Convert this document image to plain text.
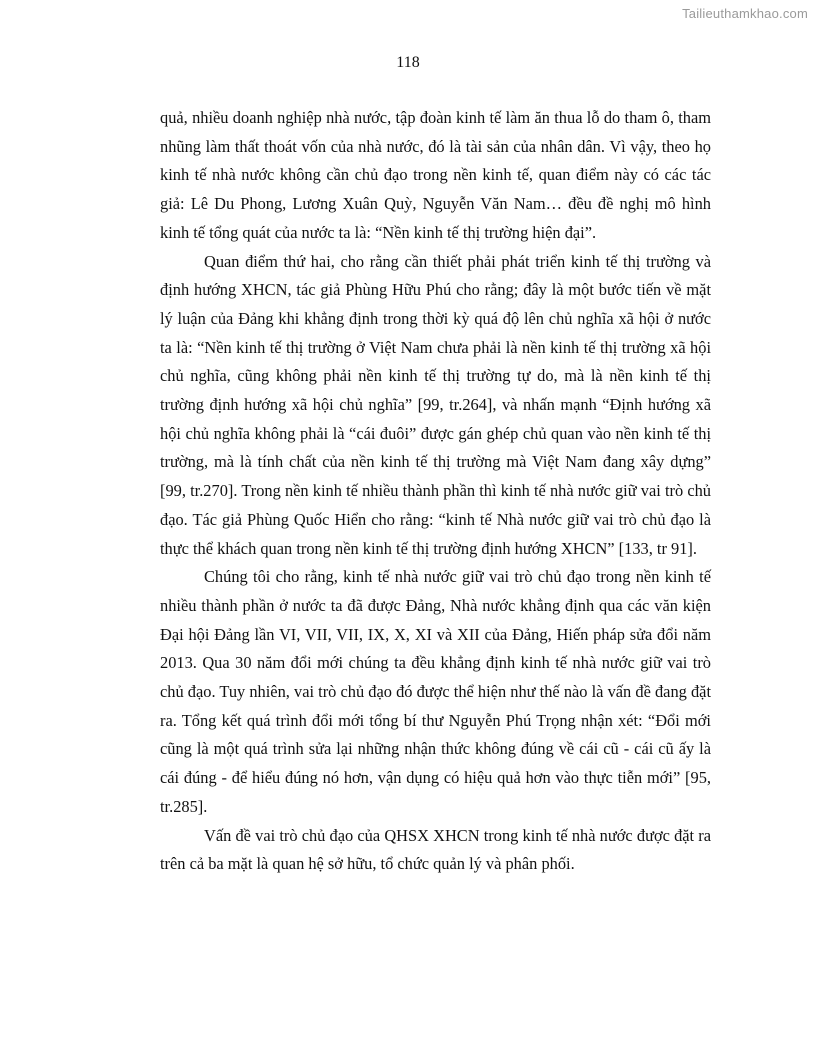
Tailieuthamkhao.com
118

quả, nhiều doanh nghiệp nhà nước, tập đoàn kinh tế làm ăn thua lỗ do tham ô, tham nhũng làm thất thoát vốn của nhà nước, đó là tài sản của nhân dân. Vì vậy, theo họ kinh tế nhà nước không cần chủ đạo trong nền kinh tế, quan điểm này có các tác giả: Lê Du Phong, Lương Xuân Quỳ, Nguyễn Văn Nam… đều đề nghị mô hình kinh tế tổng quát của nước ta là: “Nền kinh tế thị trường hiện đại”.

Quan điểm thứ hai, cho rằng cần thiết phải phát triển kinh tế thị trường và định hướng XHCN, tác giả Phùng Hữu Phú cho rằng; đây là một bước tiến về mặt lý luận của Đảng khi khẳng định trong thời kỳ quá độ lên chủ nghĩa xã hội ở nước ta là: “Nền kinh tế thị trường ở Việt Nam chưa phải là nền kinh tế thị trường xã hội chủ nghĩa, cũng không phải nền kinh tế thị trường tự do, mà là nền kinh tế thị trường định hướng xã hội chủ nghĩa” [99, tr.264], và nhấn mạnh “Định hướng xã hội chủ nghĩa không phải là “cái đuôi” được gán ghép chủ quan vào nền kinh tế thị trường, mà là tính chất của nền kinh tế thị trường mà Việt Nam đang xây dựng” [99, tr.270]. Trong nền kinh tế nhiều thành phần thì kinh tế nhà nước giữ vai trò chủ đạo. Tác giả Phùng Quốc Hiển cho rằng: “kinh tế Nhà nước giữ vai trò chủ đạo là thực thể khách quan trong nền kinh tế thị trường định hướng XHCN” [133, tr 91].

Chúng tôi cho rằng, kinh tế nhà nước giữ vai trò chủ đạo trong nền kinh tế nhiều thành phần ở nước ta đã được Đảng, Nhà nước khẳng định qua các văn kiện Đại hội Đảng lần VI, VII, VII, IX, X, XI và XII của Đảng, Hiến pháp sửa đổi năm 2013. Qua 30 năm đổi mới chúng ta đều khẳng định kinh tế nhà nước giữ vai trò chủ đạo. Tuy nhiên, vai trò chủ đạo đó được thể hiện như thế nào là vấn đề đang đặt ra. Tổng kết quá trình đổi mới tổng bí thư Nguyễn Phú Trọng nhận xét: “Đổi mới cũng là một quá trình sửa lại những nhận thức không đúng về cái cũ - cái cũ ấy là cái đúng - để hiểu đúng nó hơn, vận dụng có hiệu quả hơn vào thực tiễn mới” [95, tr.285].

Vấn đề vai trò chủ đạo của QHSX XHCN trong kinh tế nhà nước được đặt ra trên cả ba mặt là quan hệ sở hữu, tổ chức quản lý và phân phối.
